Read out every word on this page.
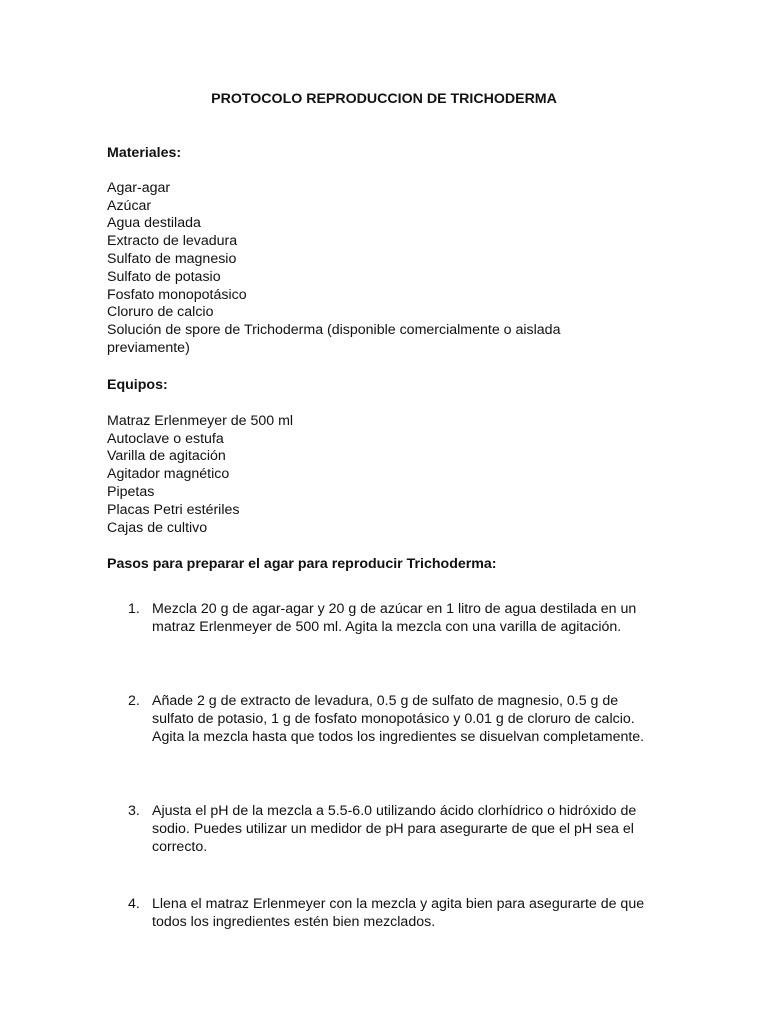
PROTOCOLO REPRODUCCION DE TRICHODERMA

Materiales:

Agar-agar
Azúcar
Agua destilada
Extracto de levadura
Sulfato de magnesio
Sulfato de potasio
Fosfato monopotásico
Cloruro de calcio
Solución de spore de Trichoderma (disponible comercialmente o aislada previamente)

Equipos:

Matraz Erlenmeyer de 500 ml
Autoclave o estufa
Varilla de agitación
Agitador magnético
Pipetas
Placas Petri estériles
Cajas de cultivo

Pasos para preparar el agar para reproducir Trichoderma:

1. Mezcla 20 g de agar-agar y 20 g de azúcar en 1 litro de agua destilada en un matraz Erlenmeyer de 500 ml. Agita la mezcla con una varilla de agitación.
2. Añade 2 g de extracto de levadura, 0.5 g de sulfato de magnesio, 0.5 g de sulfato de potasio, 1 g de fosfato monopotásico y 0.01 g de cloruro de calcio. Agita la mezcla hasta que todos los ingredientes se disuelvan completamente.
3. Ajusta el pH de la mezcla a 5.5-6.0 utilizando ácido clorhídrico o hidróxido de sodio. Puedes utilizar un medidor de pH para asegurarte de que el pH sea el correcto.
4. Llena el matraz Erlenmeyer con la mezcla y agita bien para asegurarte de que todos los ingredientes estén bien mezclados.
